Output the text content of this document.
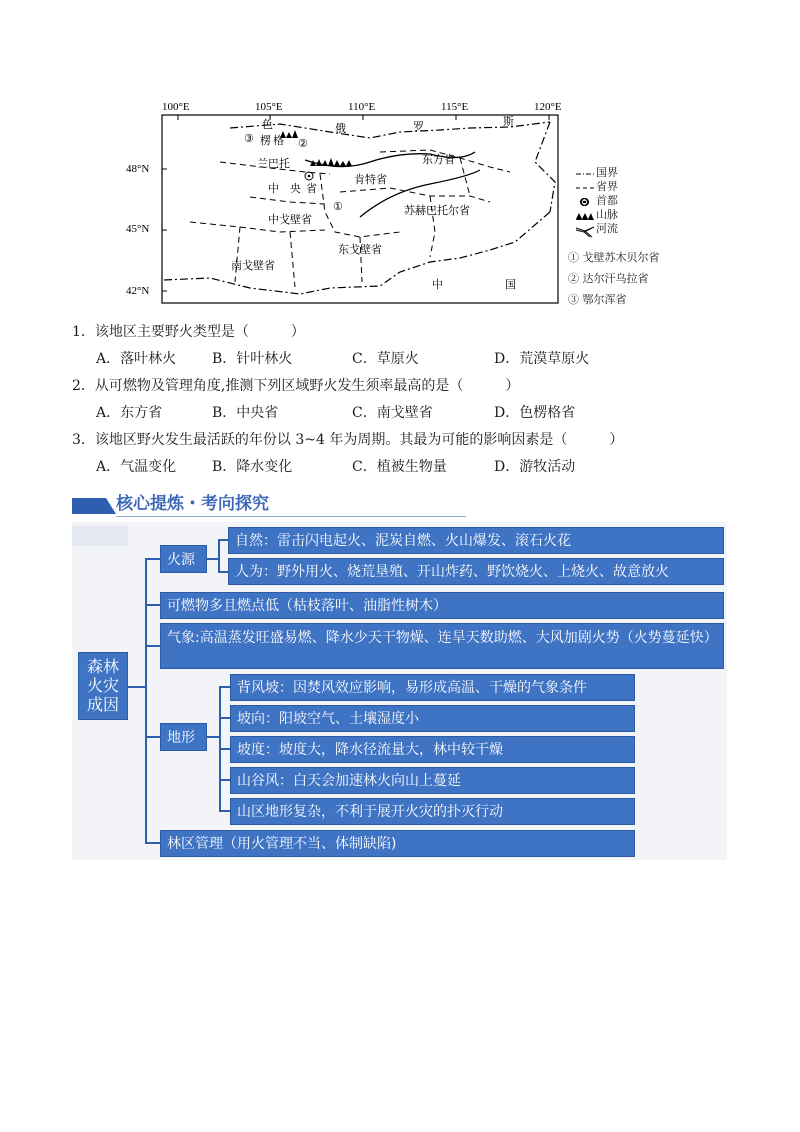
100°E	105°E	110°E	115°E	120°E
48°N
45°N
42°N
色	俄	罗	斯
楞 格
③
兰巴托
②
中 央 省
肯特省
东方省
①
中戈壁省
苏赫巴托尔省
东戈壁省
南戈壁省
中	国
国界
省界
首都
山脉
河流
① 戈壁苏木贝尔省
② 达尔汗乌拉省
③ 鄂尔浑省
1．该地区主要野火类型是（　　　）
A．落叶林火	B．针叶林火	C．草原火	D．荒漠草原火
2．从可燃物及管理角度,推测下列区域野火发生须率最高的是（　　　）
A．东方省	B．中央省	C．南戈壁省	D．色楞格省
3．该地区野火发生最活跃的年份以 3~4 年为周期。其最为可能的影响因素是（　　　）
A．气温变化	B．降水变化	C．植被生物量	D．游牧活动
核心提炼・考向探究
森林
火灾
成因
火源
自然：雷击闪电起火、泥炭自燃、火山爆发、滚石火花
人为：野外用火、烧荒垦殖、开山炸药、野饮烧火、上烧火、故意放火
可燃物多且燃点低（枯枝落叶、油脂性树木）
气象:高温蒸发旺盛易燃、降水少天干物燥、连旱天数助燃、大风加剧火势（火势蔓延快）
地形
背风坡：因焚风效应影响，易形成高温、干燥的气象条件
坡向：阳坡空气、土壤湿度小
坡度：坡度大，降水径流量大，林中较干燥
山谷风：白天会加速林火向山上蔓延
山区地形复杂，不利于展开火灾的扑灭行动
林区管理（用火管理不当、体制缺陷)
